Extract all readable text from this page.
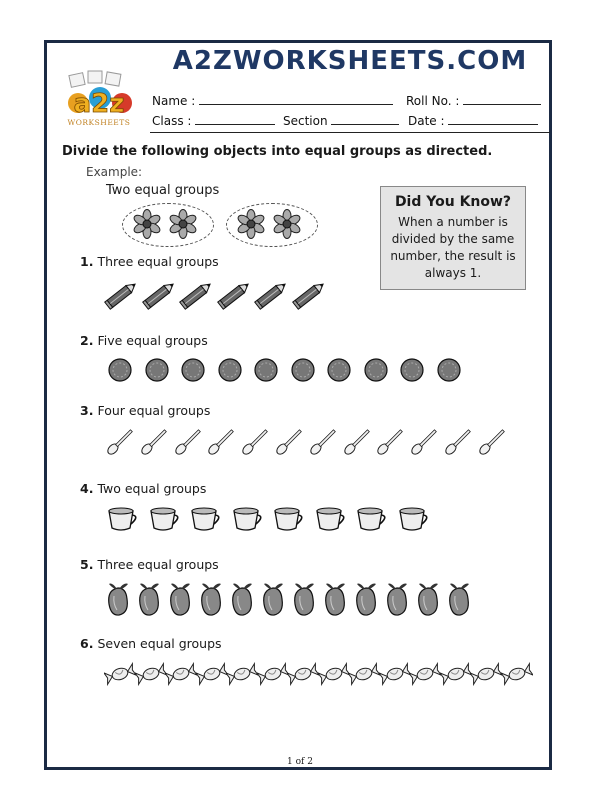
A2ZWORKSHEETS.COM
a2z
WORKSHEETS
Name :	Roll No. :
Class :	Section	Date :
Divide the following objects into equal groups as directed.
Example:
Two equal groups
Did You Know?
When a number is divided by the same number, the result is always 1.
1. Three equal groups
2. Five equal groups
3. Four equal groups
4. Two equal groups
5. Three equal groups
6. Seven equal groups
1 of 2
